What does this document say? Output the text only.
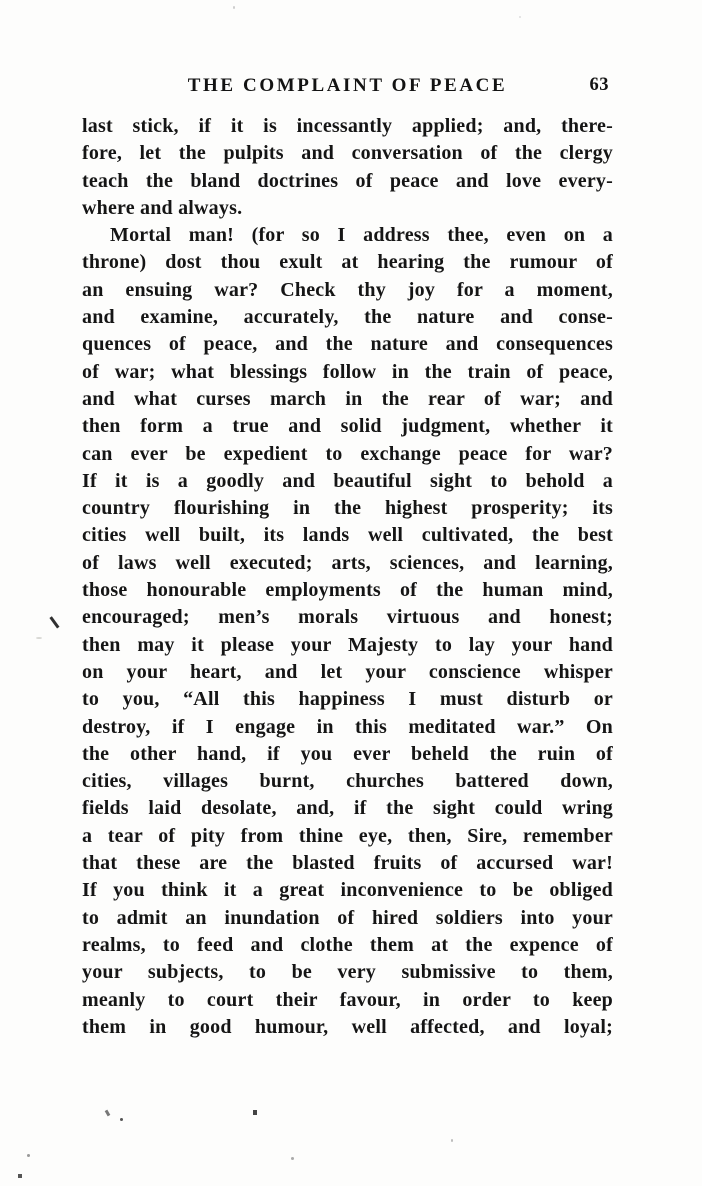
THE COMPLAINT OF PEACE	63
last stick, if it is incessantly applied; and, there-
fore, let the pulpits and conversation of the clergy
teach the bland doctrines of peace and love every-
where and always.
Mortal man! (for so I address thee, even on a
throne) dost thou exult at hearing the rumour of
an ensuing war? Check thy joy for a moment,
and examine, accurately, the nature and conse-
quences of peace, and the nature and consequences
of war; what blessings follow in the train of peace,
and what curses march in the rear of war; and
then form a true and solid judgment, whether it
can ever be expedient to exchange peace for war?
If it is a goodly and beautiful sight to behold a
country flourishing in the highest prosperity; its
cities well built, its lands well cultivated, the best
of laws well executed; arts, sciences, and learning,
those honourable employments of the human mind,
encouraged; men’s morals virtuous and honest;
then may it please your Majesty to lay your hand
on your heart, and let your conscience whisper
to you, “All this happiness I must disturb or
destroy, if I engage in this meditated war.” On
the other hand, if you ever beheld the ruin of
cities, villages burnt, churches battered down,
fields laid desolate, and, if the sight could wring
a tear of pity from thine eye, then, Sire, remember
that these are the blasted fruits of accursed war!
If you think it a great inconvenience to be obliged
to admit an inundation of hired soldiers into your
realms, to feed and clothe them at the expence of
your subjects, to be very submissive to them,
meanly to court their favour, in order to keep
them in good humour, well affected, and loyal;
